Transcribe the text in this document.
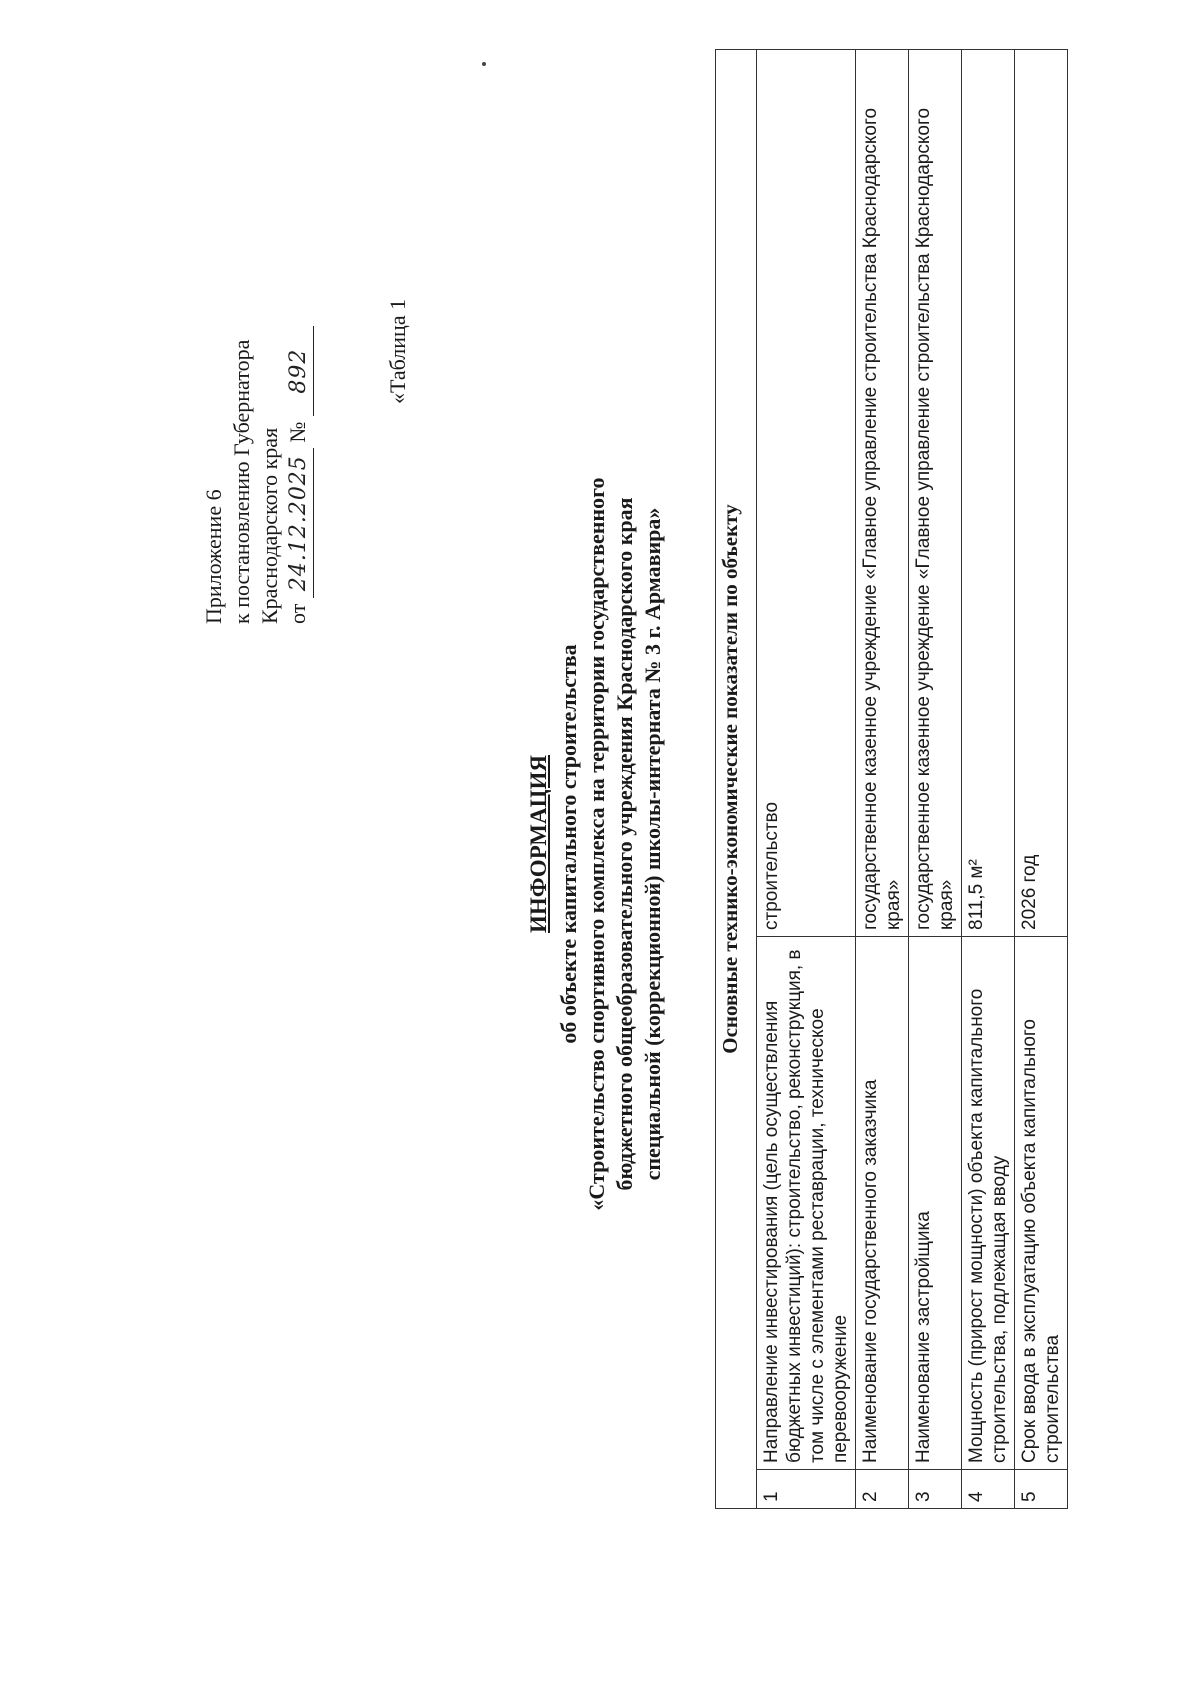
Приложение 6 к постановлению Губернатора Краснодарского края от 24.12.2025 № 892	«Таблица 1
ИНФОРМАЦИЯ об объекте капитального строительства «Строительство спортивного комплекса на территории государственного бюджетного общеобразовательного учреждения Краснодарского края специальной (коррекционной) школы-интерната № 3 г. Армавира»	Основные технико-экономические показатели по объекту		
1	Направление инвестирования (цель осуществления бюджетных инвестиций): строительство, реконструкция, в том числе с элементами реставрации, техническое перевооружение	строительство
2	Наименование государственного заказчика	государственное казенное учреждение «Главное управление строительства Краснодарского края»
3	Наименование застройщика	государственное казенное учреждение «Главное управление строительства Краснодарского края»
4	Мощность (прирост мощности) объекта капитального строительства, подлежащая вводу	811,5 м²
5	Срок ввода в эксплуатацию объекта капитального строительства	2026 год
